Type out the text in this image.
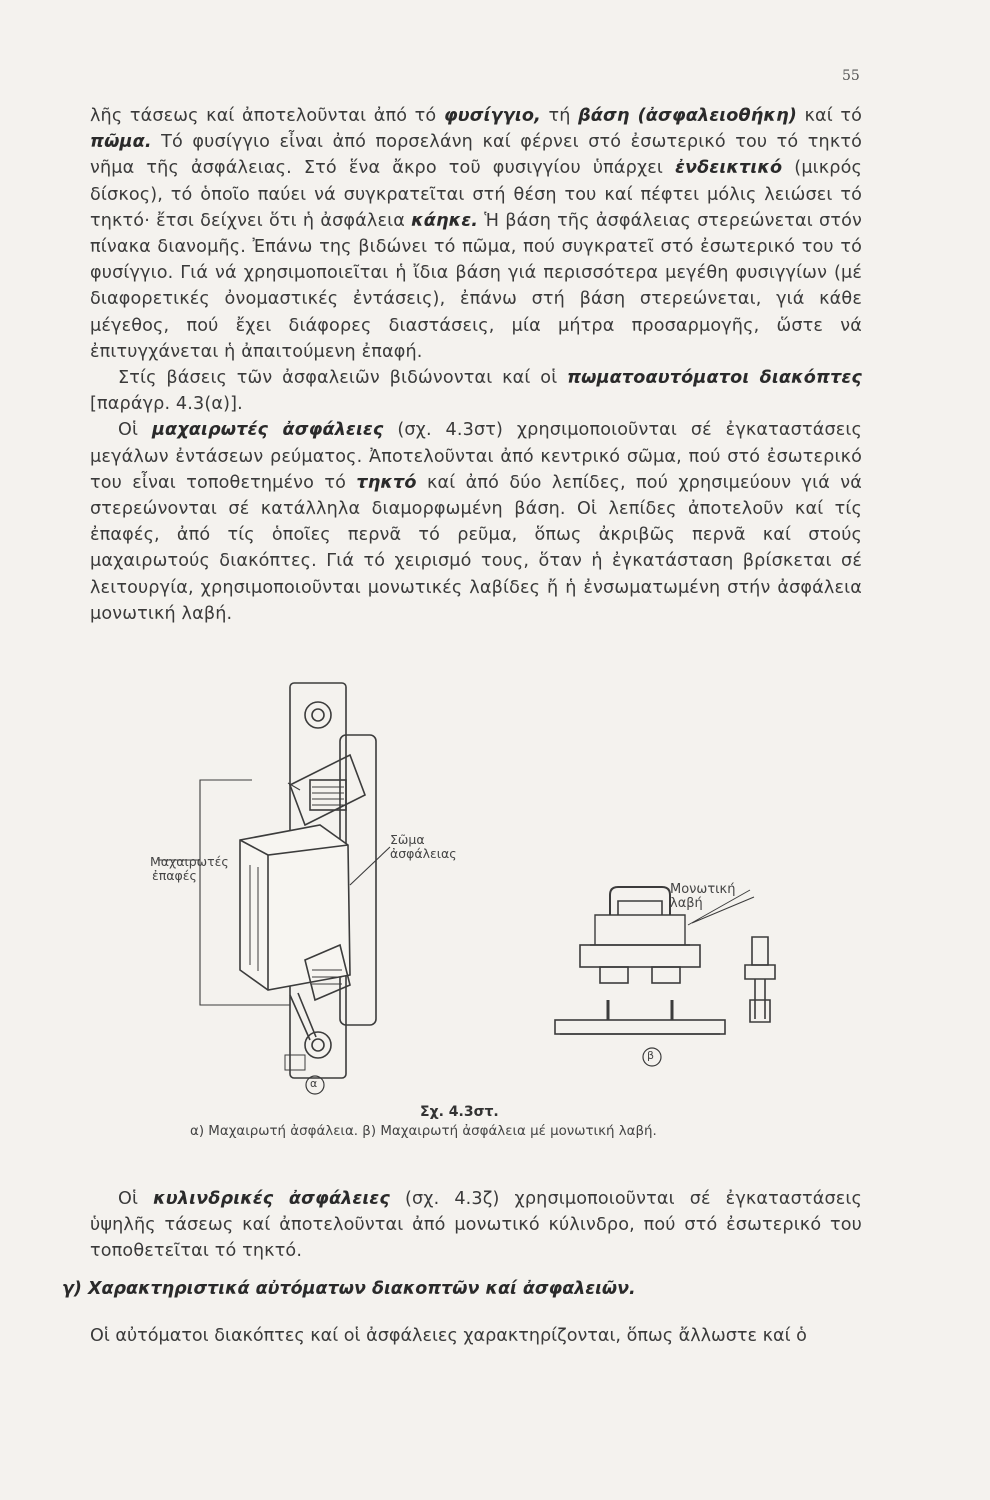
55

λῆς τάσεως καί ἀποτελοῦνται ἀπό τό φυσίγγιο, τή βάση (ἀσφαλειοθήκη) καί τό πῶμα. Τό φυσίγγιο εἶναι ἀπό πορσελάνη καί φέρνει στό ἐσωτερικό του τό τηκτό νῆμα τῆς ἀσφάλειας. Στό ἕνα ἄκρο τοῦ φυσιγγίου ὑπάρχει ἐνδεικτικό (μικρός δίσκος), τό ὁποῖο παύει νά συγκρατεῖται στή θέση του καί πέφτει μόλις λειώσει τό τηκτό· ἔτσι δείχνει ὅτι ἡ ἀσφάλεια κάηκε. Ἡ βάση τῆς ἀσφάλειας στερεώνεται στόν πίνακα διανομῆς. Ἐπάνω της βιδώνει τό πῶμα, πού συγκρατεῖ στό ἐσωτερικό του τό φυσίγγιο. Γιά νά χρησιμοποιεῖται ἡ ἴδια βάση γιά περισσότερα μεγέθη φυσιγγίων (μέ διαφορετικές ὀνομαστικές ἐντάσεις), ἐπάνω στή βάση στερεώνεται, γιά κάθε μέγεθος, πού ἔχει διάφορες διαστάσεις, μία μήτρα προσαρμογῆς, ὥστε νά ἐπιτυγχάνεται ἡ ἀπαιτούμενη ἐπαφή.

Στίς βάσεις τῶν ἀσφαλειῶν βιδώνονται καί οἱ πωματοαυτόματοι διακόπτες [παράγρ. 4.3(α)].

Οἱ μαχαιρωτές ἀσφάλειες (σχ. 4.3στ) χρησιμοποιοῦνται σέ ἐγκαταστάσεις μεγάλων ἐντάσεων ρεύματος. Ἀποτελοῦνται ἀπό κεντρικό σῶμα, πού στό ἐσωτερικό του εἶναι τοποθετημένο τό τηκτό καί ἀπό δύο λεπίδες, πού χρησιμεύουν γιά νά στερεώνονται σέ κατάλληλα διαμορφωμένη βάση. Οἱ λεπίδες ἀποτελοῦν καί τίς ἐπαφές, ἀπό τίς ὁποῖες περνᾶ τό ρεῦμα, ὅπως ἀκριβῶς περνᾶ καί στούς μαχαιρωτούς διακόπτες. Γιά τό χειρισμό τους, ὅταν ἡ ἐγκατάσταση βρίσκεται σέ λειτουργία, χρησιμοποιοῦνται μονωτικές λαβίδες ἤ ἡ ἐνσωματωμένη στήν ἀσφάλεια μονωτική λαβή.

Μαχαιρωτές
ἐπαφές
Σῶμα
ἀσφάλειας
Μονωτική λαβή
α
β
Σχ. 4.3στ.
α) Μαχαιρωτή ἀσφάλεια. β) Μαχαιρωτή ἀσφάλεια μέ μονωτική λαβή.

Οἱ κυλινδρικές ἀσφάλειες (σχ. 4.3ζ) χρησιμοποιοῦνται σέ ἐγκαταστάσεις ὑψηλῆς τάσεως καί ἀποτελοῦνται ἀπό μονωτικό κύλινδρο, πού στό ἐσωτερικό του τοποθετεῖται τό τηκτό.

γ) Χαρακτηριστικά αὐτόματων διακοπτῶν καί ἀσφαλειῶν.
Οἱ αὐτόματοι διακόπτες καί οἱ ἀσφάλειες χαρακτηρίζονται, ὅπως ἄλλωστε καί ὁ
